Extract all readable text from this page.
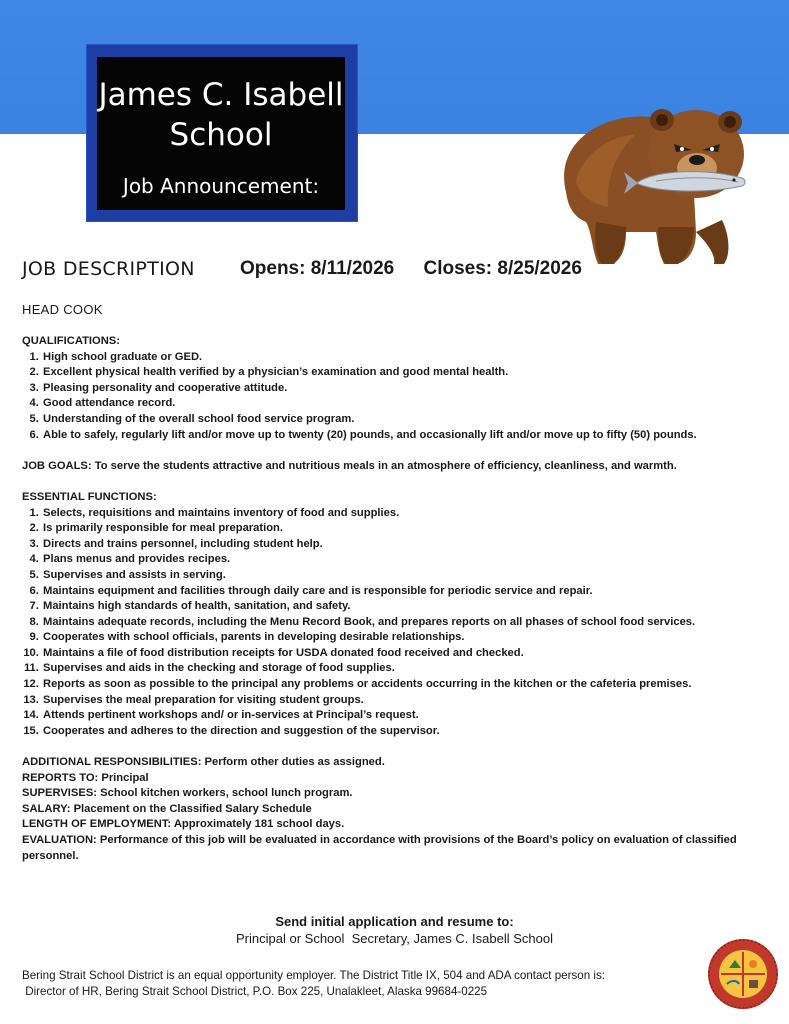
James C. Isabell
School
Job Announcement:
JOB DESCRIPTION Opens: 8/11/2026 Closes: 8/25/2026
HEAD COOK

QUALIFICATIONS:

1. High school graduate or GED.
2. Excellent physical health verified by a physician’s examination and good mental health.
3. Pleasing personality and cooperative attitude.
4. Good attendance record.
5. Understanding of the overall school food service program.
6. Able to safely, regularly lift and/or move up to twenty (20) pounds, and occasionally lift and/or move up to fifty (50) pounds.

JOB GOALS: To serve the students attractive and nutritious meals in an atmosphere of efficiency, cleanliness, and warmth.

ESSENTIAL FUNCTIONS:

1. Selects, requisitions and maintains inventory of food and supplies.
2. Is primarily responsible for meal preparation.
3. Directs and trains personnel, including student help.
4. Plans menus and provides recipes.
5. Supervises and assists in serving.
6. Maintains equipment and facilities through daily care and is responsible for periodic service and repair.
7. Maintains high standards of health, sanitation, and safety.
8. Maintains adequate records, including the Menu Record Book, and prepares reports on all phases of school food services.
9. Cooperates with school officials, parents in developing desirable relationships.
10. Maintains a file of food distribution receipts for USDA donated food received and checked.
11. Supervises and aids in the checking and storage of food supplies.
12. Reports as soon as possible to the principal any problems or accidents occurring in the kitchen or the cafeteria premises.
13. Supervises the meal preparation for visiting student groups.
14. Attends pertinent workshops and/ or in-services at Principal’s request.
15. Cooperates and adheres to the direction and suggestion of the supervisor.

ADDITIONAL RESPONSIBILITIES: Perform other duties as assigned.

REPORTS TO: Principal

SUPERVISES: School kitchen workers, school lunch program.

SALARY: Placement on the Classified Salary Schedule

LENGTH OF EMPLOYMENT: Approximately 181 school days.

EVALUATION: Performance of this job will be evaluated in accordance with provisions of the Board’s policy on evaluation of classified personnel.

Send initial application and resume to:
Principal or School  Secretary, James C. Isabell School
Bering Strait School District is an equal opportunity employer. The District Title IX, 504 and ADA contact person is:
Director of HR, Bering Strait School District, P.O. Box 225, Unalakleet, Alaska 99684-0225
